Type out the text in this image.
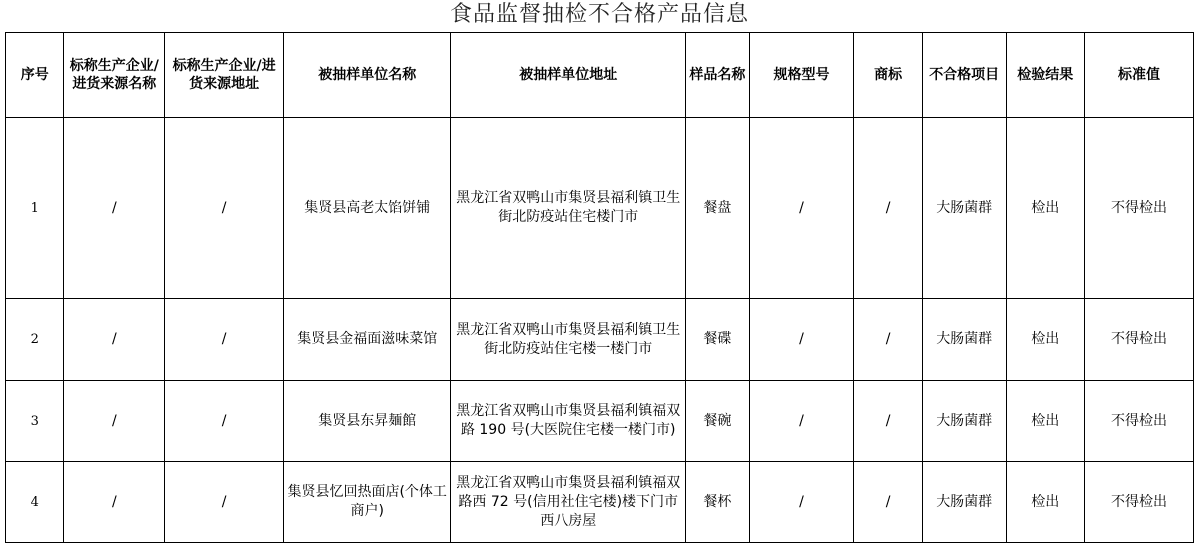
食品监督抽检不合格产品信息
序号	标称生产企业/进货来源名称	标称生产企业/进货来源地址	被抽样单位名称	被抽样单位地址	样品名称	规格型号	商标	不合格项目	检验结果	标准值
1	/	/	集贤县高老太馅饼铺	黑龙江省双鸭山市集贤县福利镇卫生街北防疫站住宅楼门市	餐盘	/	/	大肠菌群	检出	不得检出
2	/	/	集贤县金福面滋味菜馆	黑龙江省双鸭山市集贤县福利镇卫生街北防疫站住宅楼一楼门市	餐碟	/	/	大肠菌群	检出	不得检出
3	/	/	集贤县东昇麺館	黑龙江省双鸭山市集贤县福利镇福双路 190 号(大医院住宅楼一楼门市)	餐碗	/	/	大肠菌群	检出	不得检出
4	/	/	集贤县忆回热面店(个体工商户)	黑龙江省双鸭山市集贤县福利镇福双路西 72 号(信用社住宅楼)楼下门市西八房屋	餐杯	/	/	大肠菌群	检出	不得检出
